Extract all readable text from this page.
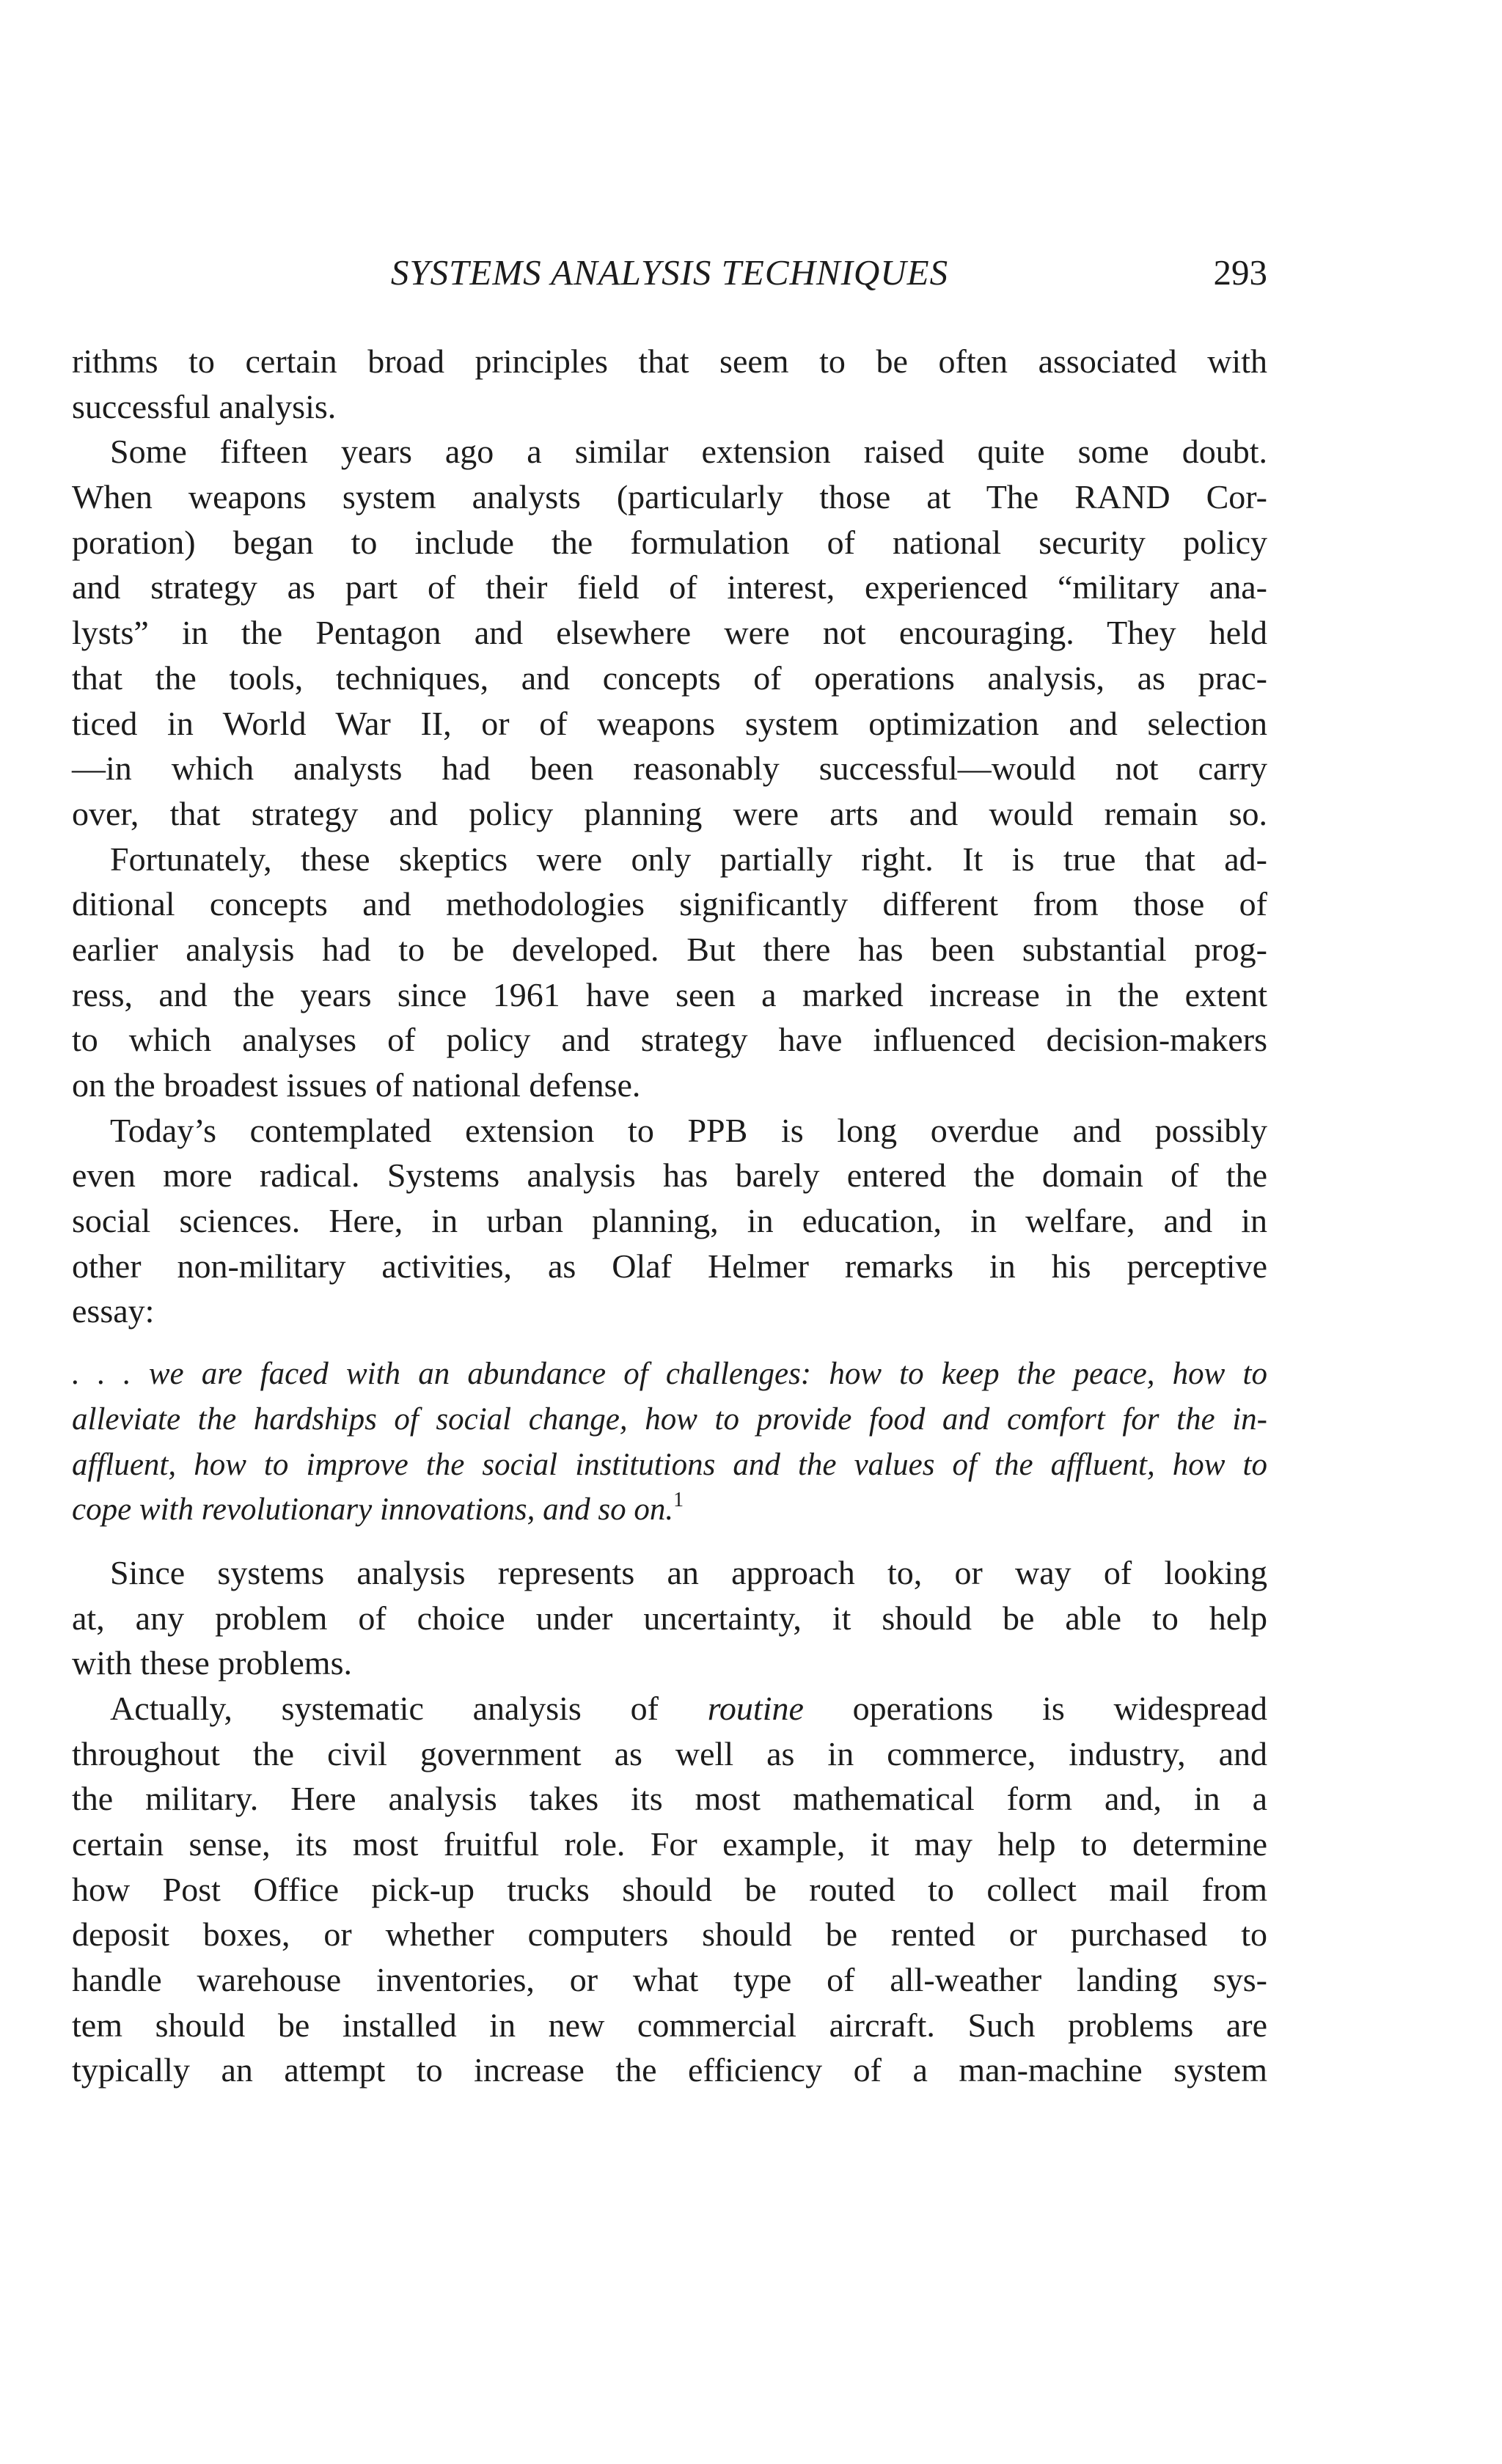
SYSTEMS ANALYSIS TECHNIQUES	293
rithms to certain broad principles that seem to be often associated with
successful analysis.
Some fifteen years ago a similar extension raised quite some doubt.
When weapons system analysts (particularly those at The RAND Cor-
poration) began to include the formulation of national security policy
and strategy as part of their field of interest, experienced “military ana-
lysts” in the Pentagon and elsewhere were not encouraging. They held
that the tools, techniques, and concepts of operations analysis, as prac-
ticed in World War II, or of weapons system optimization and selection
—in which analysts had been reasonably successful—would not carry
over, that strategy and policy planning were arts and would remain so.
Fortunately, these skeptics were only partially right. It is true that ad-
ditional concepts and methodologies significantly different from those of
earlier analysis had to be developed. But there has been substantial prog-
ress, and the years since 1961 have seen a marked increase in the extent
to which analyses of policy and strategy have influenced decision-makers
on the broadest issues of national defense.
Today’s contemplated extension to PPB is long overdue and possibly
even more radical. Systems analysis has barely entered the domain of the
social sciences. Here, in urban planning, in education, in welfare, and in
other non-military activities, as Olaf Helmer remarks in his perceptive
essay:
. . . we are faced with an abundance of challenges: how to keep the peace, how to
alleviate the hardships of social change, how to provide food and comfort for the in-
affluent, how to improve the social institutions and the values of the affluent, how to
cope with revolutionary innovations, and so on.$^1$
Since systems analysis represents an approach to, or way of looking
at, any problem of choice under uncertainty, it should be able to help
with these problems.
Actually, systematic analysis of routine operations is widespread
throughout the civil government as well as in commerce, industry, and
the military. Here analysis takes its most mathematical form and, in a
certain sense, its most fruitful role. For example, it may help to determine
how Post Office pick-up trucks should be routed to collect mail from
deposit boxes, or whether computers should be rented or purchased to
handle warehouse inventories, or what type of all-weather landing sys-
tem should be installed in new commercial aircraft. Such problems are
typically an attempt to increase the efficiency of a man-machine system
